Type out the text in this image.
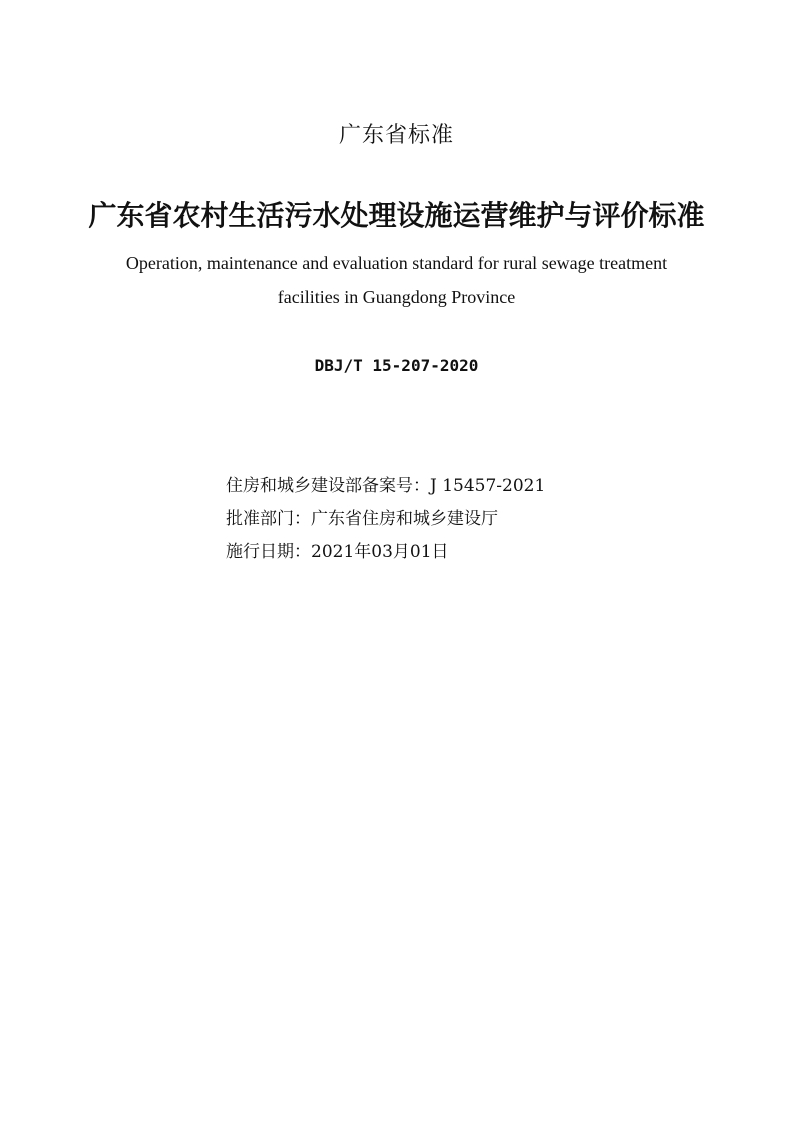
广东省标准
广东省农村生活污水处理设施运营维护与评价标准
Operation, maintenance and evaluation standard for rural sewage treatment
facilities in Guangdong Province
DBJ/T 15-207-2020
住房和城乡建设部备案号：J 15457-2021
批准部门：广东省住房和城乡建设厅
施行日期：2021年03月01日
